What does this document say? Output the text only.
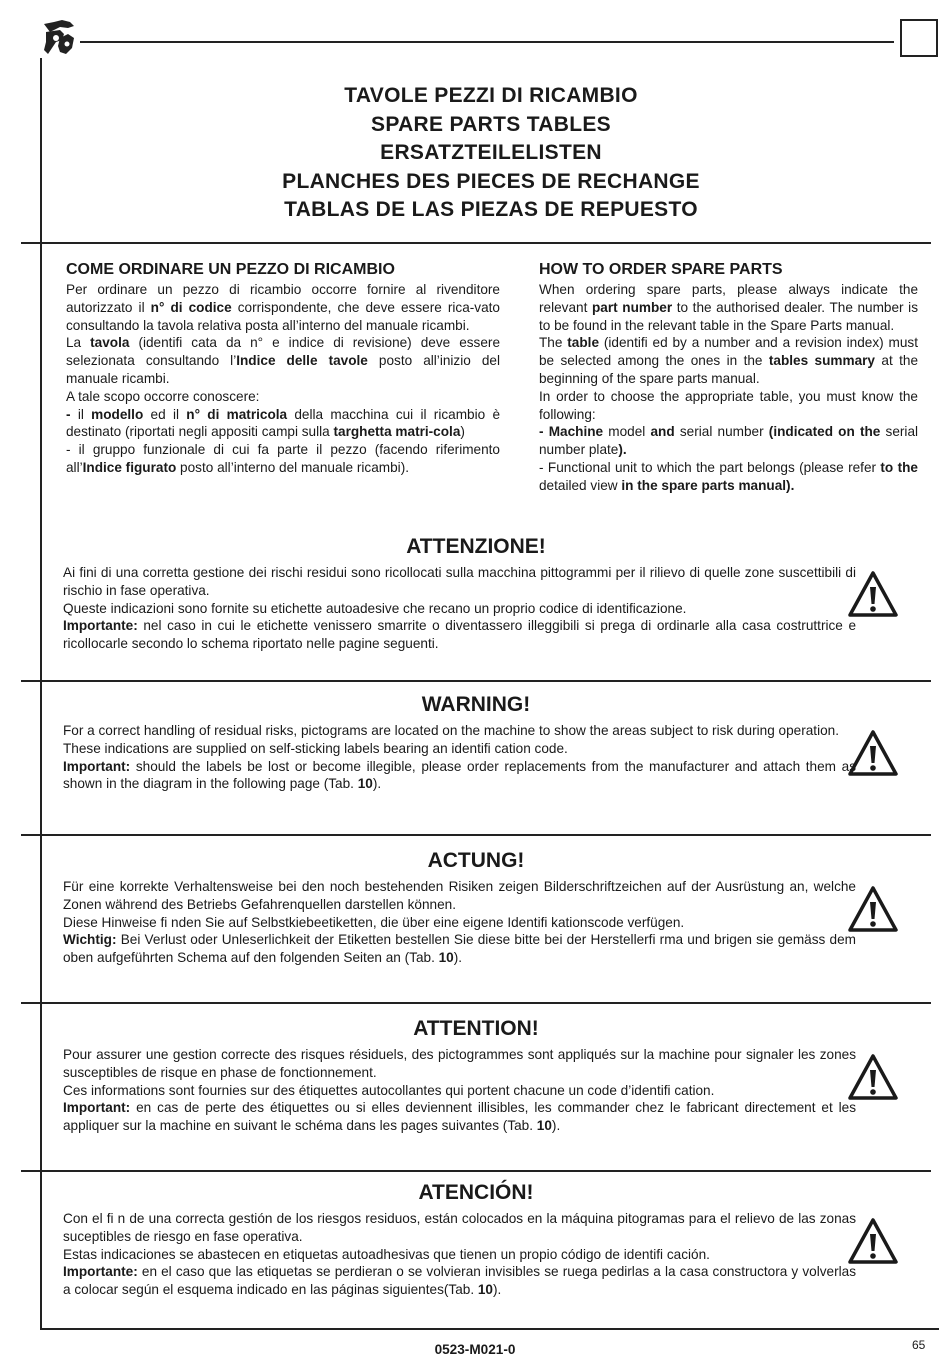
TAVOLE PEZZI DI RICAMBIO
SPARE PARTS TABLES
ERSATZTEILELISTEN
PLANCHES DES PIECES DE RECHANGE
TABLAS DE LAS PIEZAS DE REPUESTO
COME ORDINARE UN PEZZO DI RICAMBIO

Per ordinare un pezzo di ricambio occorre fornire al rivenditore autorizzato il n° di codice corrispondente, che deve essere rica-vato consultando la tavola relativa posta all’interno del manuale ricambi.

La tavola (identifi cata da n° e indice di revisione) deve essere selezionata consultando l’Indice delle tavole posto all’inizio del manuale ricambi.

A tale scopo occorre conoscere:

- il modello ed il n° di matricola della macchina cui il ricambio è destinato (riportati negli appositi campi sulla targhetta matri-cola)

- il gruppo funzionale di cui fa parte il pezzo (facendo riferimento all’Indice figurato posto all’interno del manuale ricambi).

HOW TO ORDER SPARE PARTS

When ordering spare parts, please always indicate the relevant part number to the authorised dealer. The number is to be found in the relevant table in the Spare Parts manual.

The table (identifi ed by a number and a revision index) must be selected among the ones in the tables summary at the beginning of the spare parts manual.

In order to choose the appropriate table, you must know the following:

- Machine model and serial number (indicated on the serial number plate).

- Functional unit to which the part belongs (please refer to the detailed view in the spare parts manual).

ATTENZIONE!

Ai fini di una corretta gestione dei rischi residui sono ricollocati sulla macchina pittogrammi per il rilievo di quelle zone suscettibili di rischio in fase operativa.

Queste indicazioni sono fornite su etichette autoadesive che recano un proprio codice di identificazione.

Importante: nel caso in cui le etichette venissero smarrite o diventassero illeggibili si prega di ordinarle alla casa costruttrice e ricollocarle secondo lo schema riportato nelle pagine seguenti.

WARNING!

For a correct handling of residual risks, pictograms are located on the machine to show the areas subject to risk during operation.

These indications are supplied on self-sticking labels bearing an identifi cation code.

Important: should the labels be lost or become illegible, please order replacements from the manufacturer and attach them as shown in the diagram in the following page (Tab. 10).

ACTUNG!

Für eine korrekte Verhaltensweise bei den noch bestehenden Risiken zeigen Bilderschriftzeichen auf der Ausrüstung an, welche Zonen während des Betriebs Gefahrenquellen darstellen können.

Diese Hinweise fi nden Sie auf Selbstkiebeetiketten, die über eine eigene Identifi kationscode verfügen.

Wichtig: Bei Verlust oder Unleserlichkeit der Etiketten bestellen Sie diese bitte bei der Herstellerfi rma und brigen sie gemäss dem oben aufgeführten Schema auf den folgenden Seiten an (Tab. 10).

ATTENTION!

Pour assurer une gestion correcte des risques résiduels, des pictogrammes sont appliqués sur la machine pour signaler les zones susceptibles de risque en phase de fonctionnement.

Ces informations sont fournies sur des étiquettes autocollantes qui portent chacune un code d’identifi cation.

Important: en cas de perte des étiquettes ou si elles deviennent illisibles, les commander chez le fabricant directement et les appliquer sur la machine en suivant le schéma dans les pages suivantes (Tab. 10).

ATENCIÓN!

Con el fi n de una correcta gestión de los riesgos residuos, están colocados en la máquina pitogramas para el relievo de las zonas suceptibles de riesgo en fase operativa.

Estas indicaciones se abastecen en etiquetas autoadhesivas que tienen un propio código de identifi cación.

Importante: en el caso que las etiquetas se perdieran o se volvieran invisibles se ruega pedirlas a la casa constructora y volverlas a colocar según el esquema indicado en las páginas siguientes(Tab. 10).

0523-M021-0	65
